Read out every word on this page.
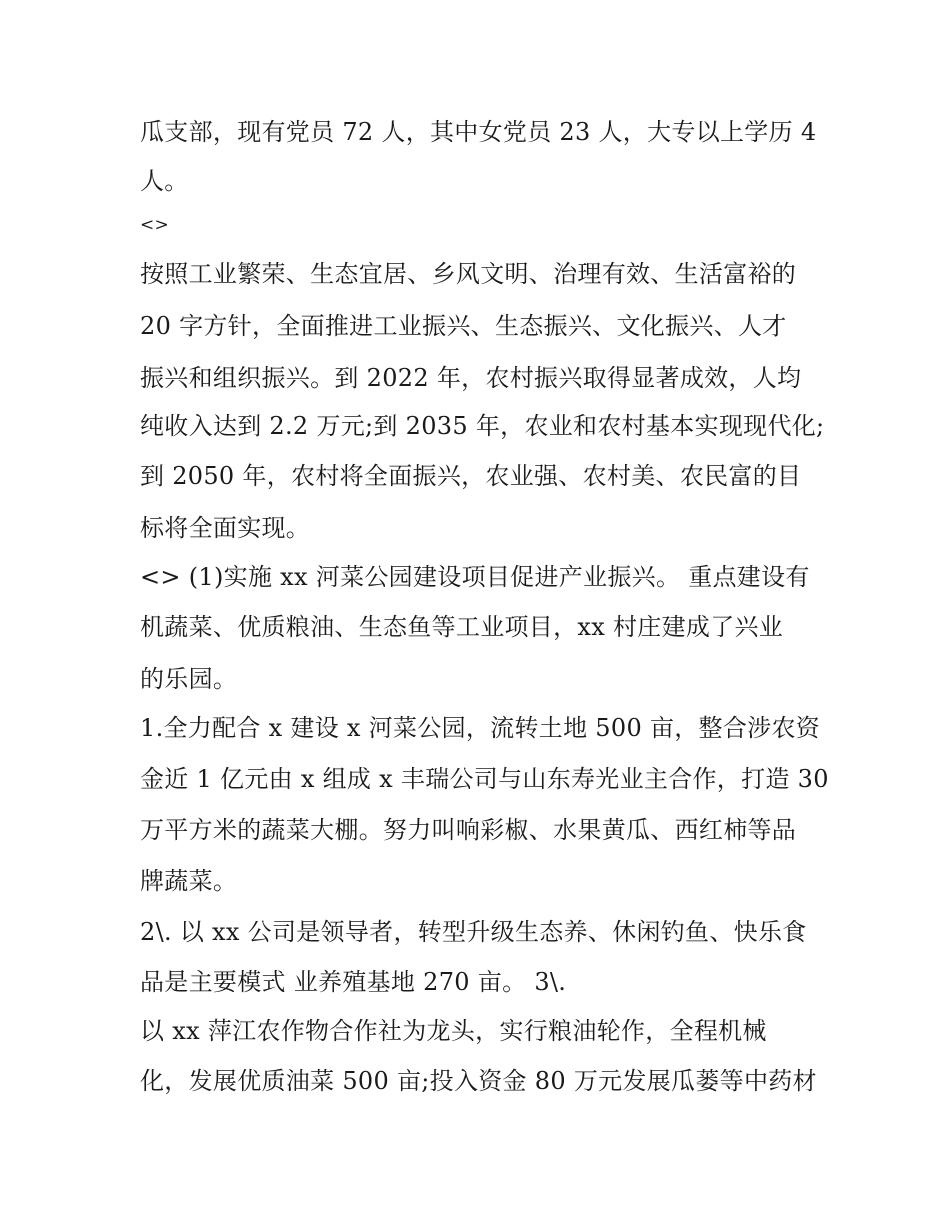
瓜支部，现有党员 72 人，其中女党员 23 人，大专以上学历 4
人。
<>
按照工业繁荣、生态宜居、乡风文明、治理有效、生活富裕的
20 字方针，全面推进工业振兴、生态振兴、文化振兴、人才
振兴和组织振兴。到 2022 年，农村振兴取得显著成效，人均
纯收入达到 2.2 万元;到 2035 年，农业和农村基本实现现代化;
到 2050 年，农村将全面振兴，农业强、农村美、农民富的目
标将全面实现。
<> (1)实施 xx 河菜公园建设项目促进产业振兴。 重点建设有
机蔬菜、优质粮油、生态鱼等工业项目，xx 村庄建成了兴业
的乐园。
1.全力配合 x 建设 x 河菜公园，流转土地 500 亩，整合涉农资
金近 1 亿元由 x 组成 x 丰瑞公司与山东寿光业主合作，打造 30
万平方米的蔬菜大棚。努力叫响彩椒、水果黄瓜、西红柿等品
牌蔬菜。
2\. 以 xx 公司是领导者，转型升级生态养、休闲钓鱼、快乐食
品是主要模式 业养殖基地 270 亩。 3\.
以 xx 萍江农作物合作社为龙头，实行粮油轮作，全程机械
化，发展优质油菜 500 亩;投入资金 80 万元发展瓜蒌等中药材
